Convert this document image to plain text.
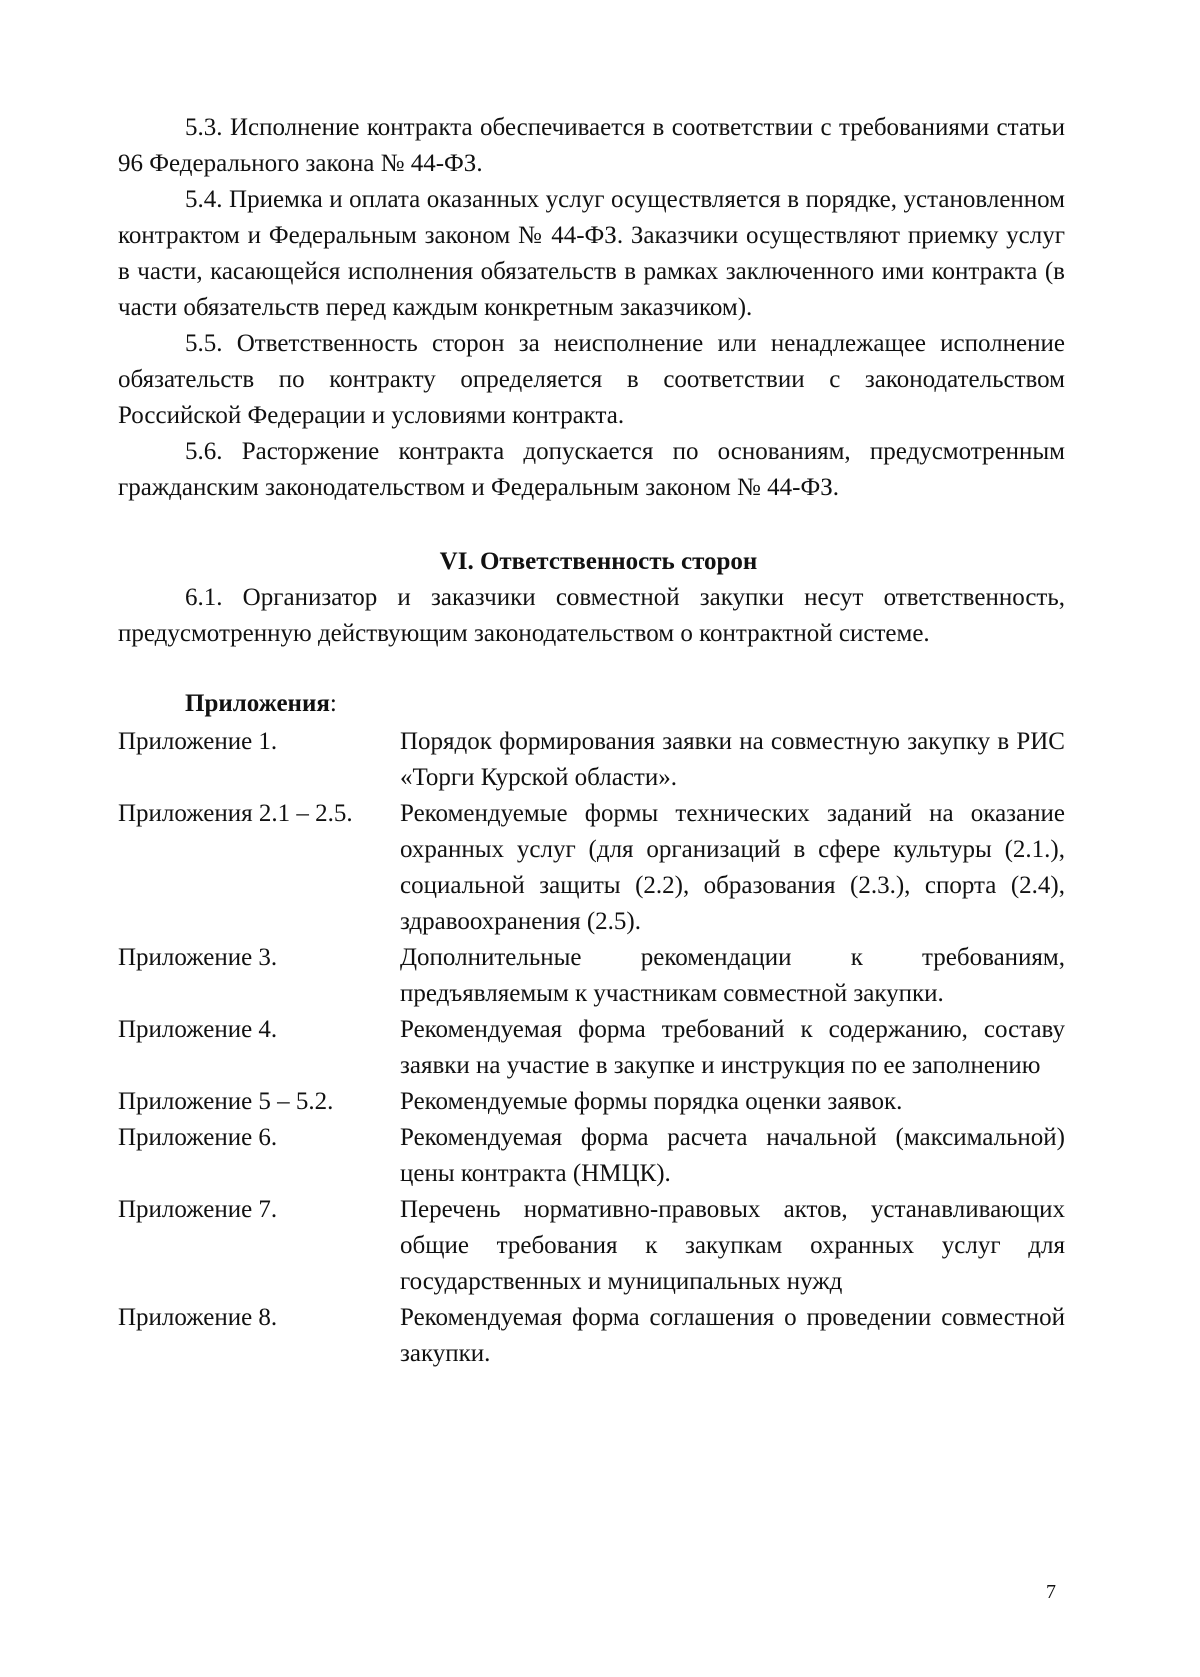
5.3. Исполнение контракта обеспечивается в соответствии с требованиями статьи 96 Федерального закона № 44-ФЗ.

5.4. Приемка и оплата оказанных услуг осуществляется в порядке, установленном контрактом и Федеральным законом № 44-ФЗ. Заказчики осуществляют приемку услуг в части, касающейся исполнения обязательств в рамках заключенного ими контракта (в части обязательств перед каждым конкретным заказчиком).

5.5. Ответственность сторон за неисполнение или ненадлежащее исполнение обязательств по контракту определяется в соответствии с законодательством Российской Федерации и условиями контракта.

5.6. Расторжение контракта допускается по основаниям, предусмотренным гражданским законодательством и Федеральным законом № 44-ФЗ.

VI. Ответственность сторон

6.1. Организатор и заказчики совместной закупки несут ответственность, предусмотренную действующим законодательством о контрактной системе.

Приложения:
Приложение 1.	Порядок формирования заявки на совместную закупку в РИС «Торги Курской области».
Приложения 2.1 – 2.5.	Рекомендуемые формы технических заданий на оказание охранных услуг (для организаций в сфере культуры (2.1.), социальной защиты (2.2), образования (2.3.), спорта (2.4), здравоохранения (2.5).
Приложение 3.	Дополнительные рекомендации к требованиям, предъявляемым к участникам совместной закупки.
Приложение 4.	Рекомендуемая форма требований к содержанию, составу заявки на участие в закупке и инструкция по ее заполнению
Приложение 5 – 5.2.	Рекомендуемые формы порядка оценки заявок.
Приложение 6.	Рекомендуемая форма расчета начальной (максимальной) цены контракта (НМЦК).
Приложение 7.	Перечень нормативно-правовых актов, устанавливающих общие требования к закупкам охранных услуг для государственных и муниципальных нужд
Приложение 8.	Рекомендуемая форма соглашения о проведении совместной закупки.
7
